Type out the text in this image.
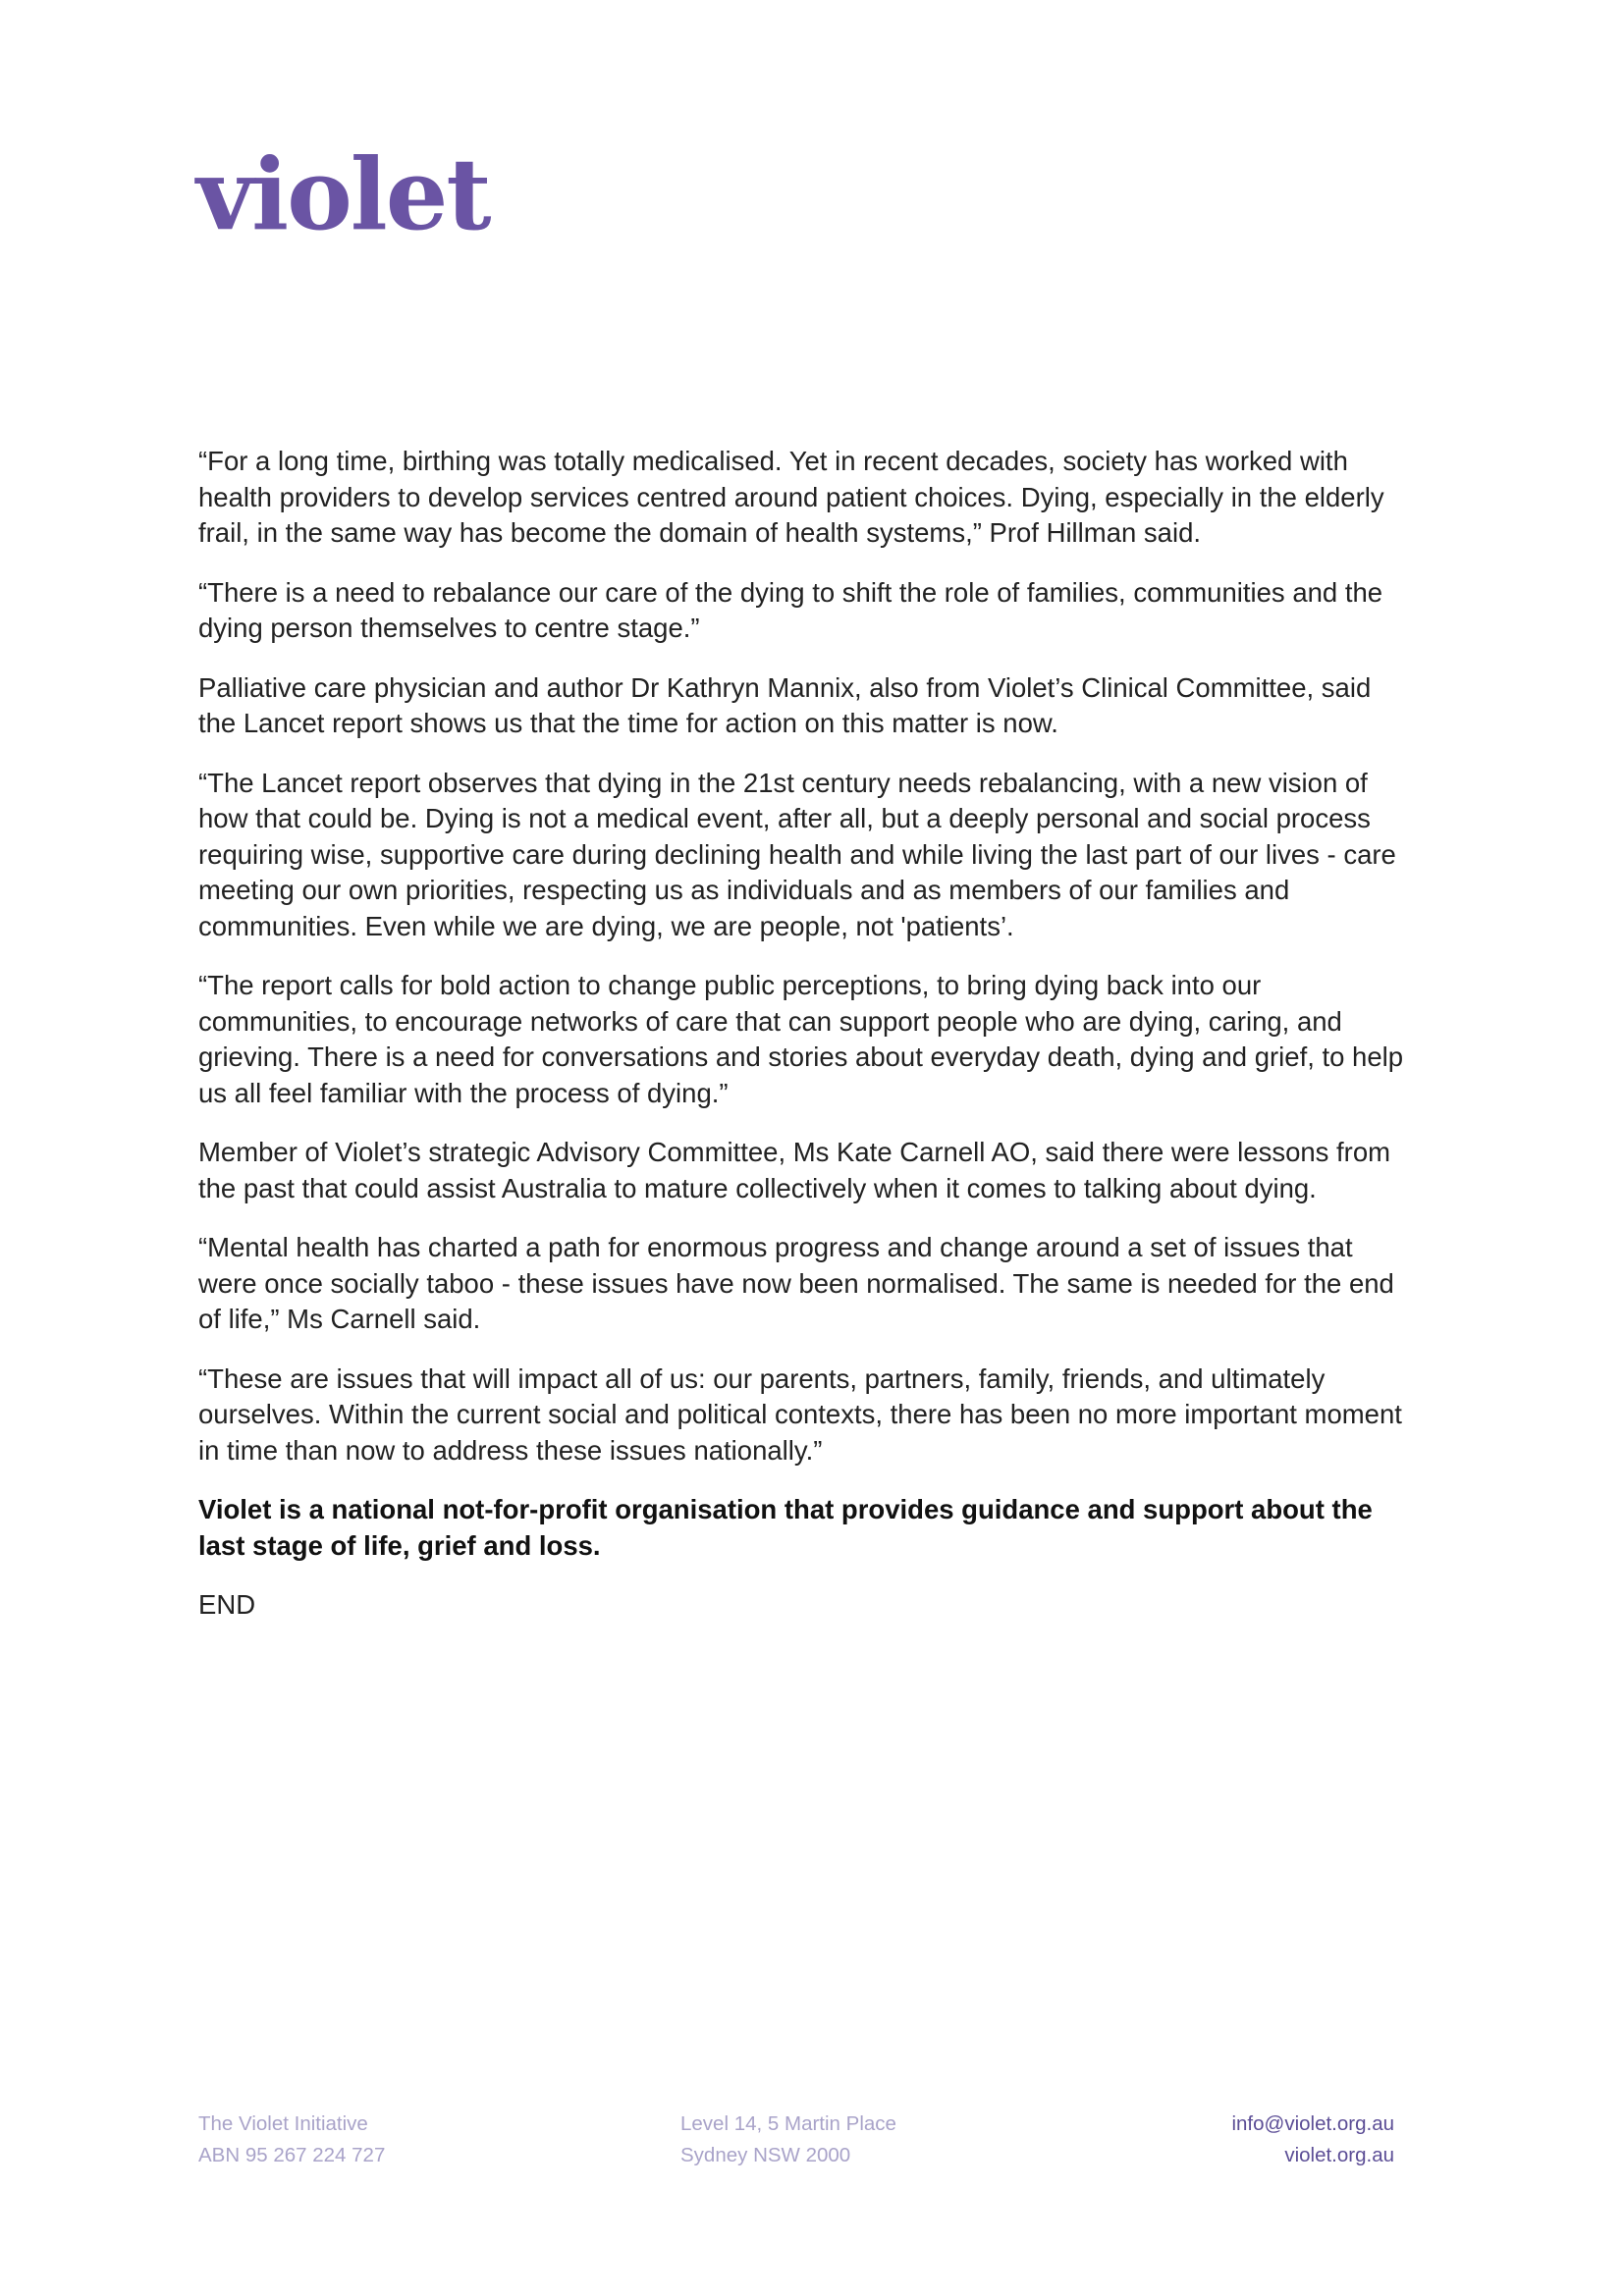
violet

“For a long time, birthing was totally medicalised. Yet in recent decades, society has worked with health providers to develop services centred around patient choices. Dying, especially in the elderly frail, in the same way has become the domain of health systems,” Prof Hillman said.

“There is a need to rebalance our care of the dying to shift the role of families, communities and the dying person themselves to centre stage.”

Palliative care physician and author Dr Kathryn Mannix, also from Violet’s Clinical Committee, said the Lancet report shows us that the time for action on this matter is now.

“The Lancet report observes that dying in the 21st century needs rebalancing, with a new vision of how that could be. Dying is not a medical event, after all, but a deeply personal and social process requiring wise, supportive care during declining health and while living the last part of our lives - care meeting our own priorities, respecting us as individuals and as members of our families and communities. Even while we are dying, we are people, not 'patients’.

“The report calls for bold action to change public perceptions, to bring dying back into our communities, to encourage networks of care that can support people who are dying, caring, and grieving. There is a need for conversations and stories about everyday death, dying and grief, to help us all feel familiar with the process of dying.”

Member of Violet’s strategic Advisory Committee, Ms Kate Carnell AO, said there were lessons from the past that could assist Australia to mature collectively when it comes to talking about dying.

“Mental health has charted a path for enormous progress and change around a set of issues that were once socially taboo - these issues have now been normalised. The same is needed for the end of life,” Ms Carnell said.

“These are issues that will impact all of us: our parents, partners, family, friends, and ultimately ourselves. Within the current social and political contexts, there has been no more important moment in time than now to address these issues nationally.”

Violet is a national not-for-profit organisation that provides guidance and support about the last stage of life, grief and loss.

END

The Violet Initiative
ABN 95 267 224 727
Level 14, 5 Martin Place
Sydney NSW 2000
info@violet.org.au
violet.org.au
